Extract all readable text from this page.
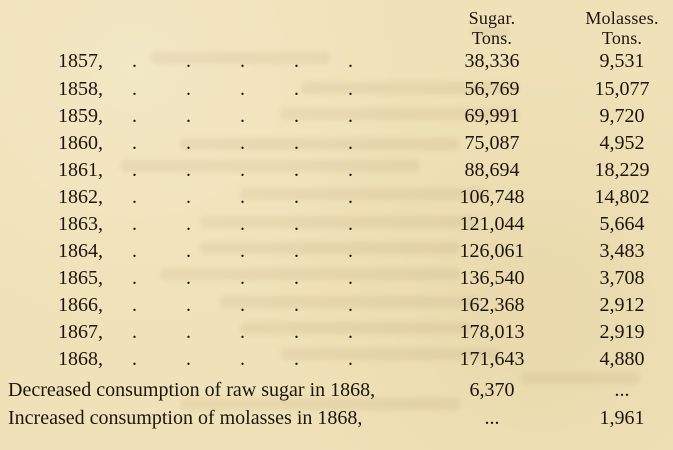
Sugar.
Tons.
Molasses.
Tons.
1857, . . . . .	38,336	9,531
1858, . . . . .	56,769	15,077
1859, . . . . .	69,991	9,720
1860, . . . . .	75,087	4,952
1861, . . . . .	88,694	18,229
1862, . . . . .	106,748	14,802
1863, . . . . .	121,044	5,664
1864, . . . . .	126,061	3,483
1865, . . . . .	136,540	3,708
1866, . . . . .	162,368	2,912
1867, . . . . .	178,013	2,919
1868, . . . . .	171,643	4,880
Decreased consumption of raw sugar in 1868,	6,370	...
Increased consumption of molasses in 1868,	...	1,961
